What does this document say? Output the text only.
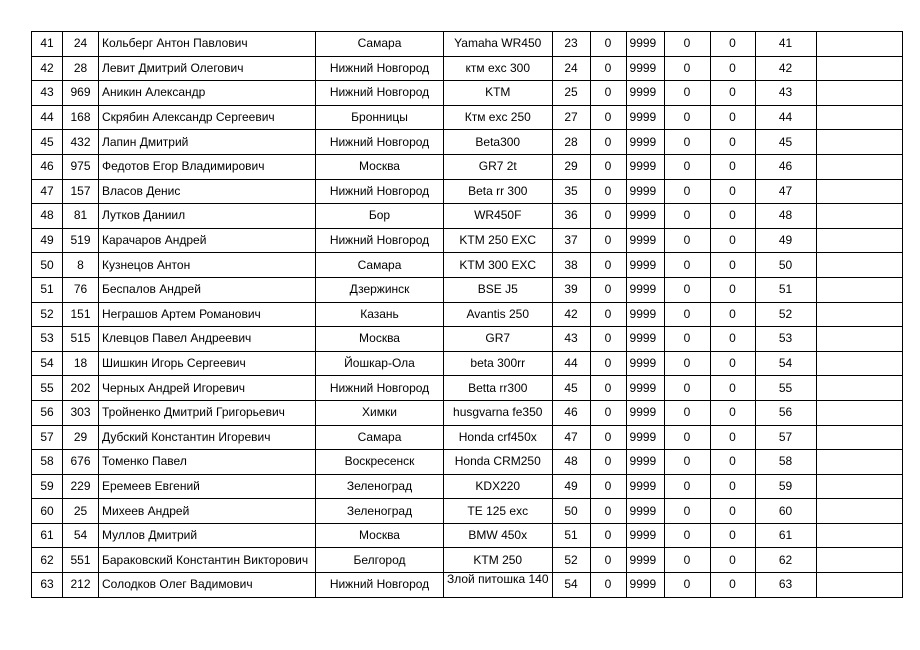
41	24	Кольберг Антон Павлович	Самара	Yamaha WR450	23	0	9999	0	0	41	
42	28	Левит Дмитрий Олегович	Нижний Новгород	ктм exc 300	24	0	9999	0	0	42	
43	969	Аникин Александр	Нижний Новгород	KTM	25	0	9999	0	0	43	
44	168	Скрябин Александр Сергеевич	Бронницы	Ктм exc 250	27	0	9999	0	0	44	
45	432	Лапин Дмитрий	Нижний Новгород	Beta300	28	0	9999	0	0	45	
46	975	Федотов Егор Владимирович	Москва	GR7 2t	29	0	9999	0	0	46	
47	157	Власов Денис	Нижний Новгород	Beta rr 300	35	0	9999	0	0	47	
48	81	Лутков Даниил	Бор	WR450F	36	0	9999	0	0	48	
49	519	Карачаров Андрей	Нижний Новгород	KTM 250 EXC	37	0	9999	0	0	49	
50	8	Кузнецов Антон	Самара	KTM 300 EXC	38	0	9999	0	0	50	
51	76	Беспалов Андрей	Дзержинск	BSE J5	39	0	9999	0	0	51	
52	151	Неграшов Артем Романович	Казань	Avantis 250	42	0	9999	0	0	52	
53	515	Клевцов Павел Андреевич	Москва	GR7	43	0	9999	0	0	53	
54	18	Шишкин Игорь Сергеевич	Йошкар-Ола	beta 300rr	44	0	9999	0	0	54	
55	202	Черных Андрей Игоревич	Нижний Новгород	Betta rr300	45	0	9999	0	0	55	
56	303	Тройненко Дмитрий Григорьевич	Химки	husgvarna fe350	46	0	9999	0	0	56	
57	29	Дубский Константин Игоревич	Самара	Honda crf450x	47	0	9999	0	0	57	
58	676	Томенко Павел	Воскресенск	Honda CRM250	48	0	9999	0	0	58	
59	229	Еремеев Евгений	Зеленоград	KDX220	49	0	9999	0	0	59	
60	25	Михеев Андрей	Зеленоград	TE 125 exc	50	0	9999	0	0	60	
61	54	Муллов Дмитрий	Москва	BMW 450x	51	0	9999	0	0	61	
62	551	Бараковский Константин Викторович	Белгород	KTM 250	52	0	9999	0	0	62	
63	212	Солодков Олег Вадимович	Нижний Новгород	Злой питошка 140	54	0	9999	0	0	63	
